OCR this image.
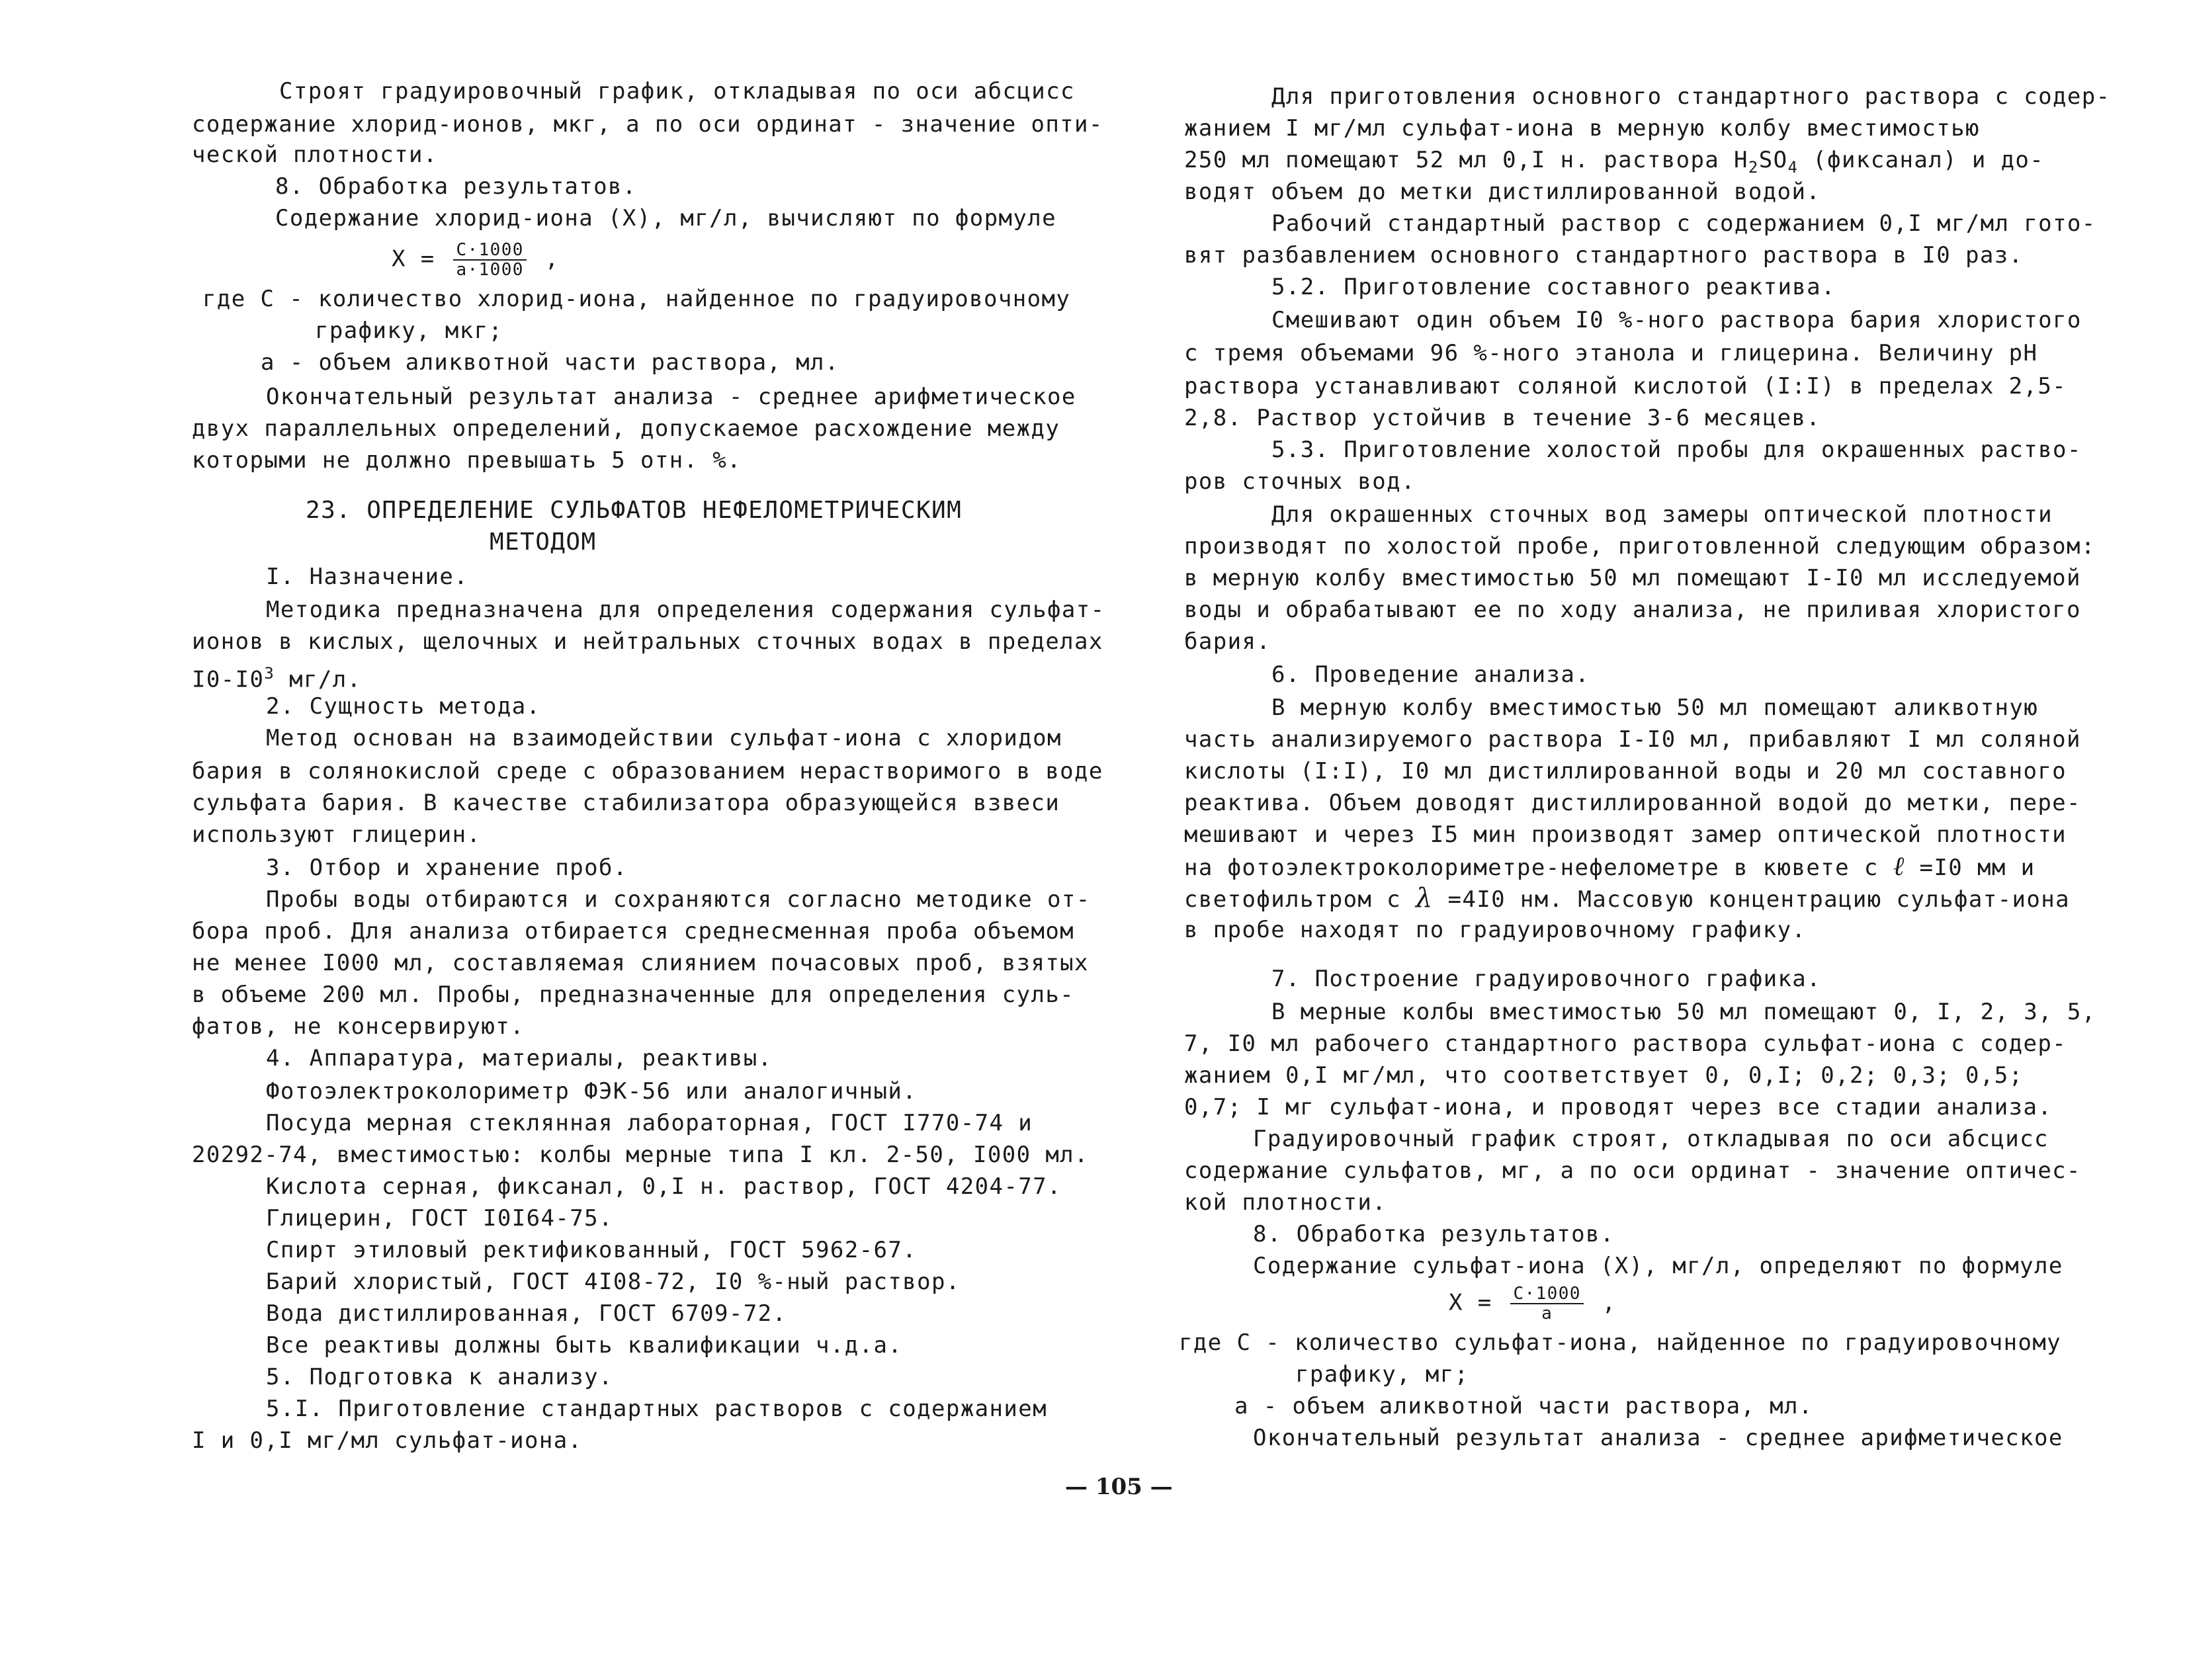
Строят градуировочный график, откладывая по оси абсцисс
содержание хлорид-ионов, мкг, а по оси ординат - значение опти-
ческой плотности.
8. Обработка результатов.
Содержание хлорид-иона (X), мг/л, вычисляют по формуле
$X = \frac{C\cdot 1000}{a\cdot 1000}$ ,
где C - количество хлорид-иона, найденное по градуировочному
графику, мкг;
a - объем аликвотной части раствора, мл.
Окончательный результат анализа - среднее арифметическое
двух параллельных определений, допускаемое расхождение между
которыми не должно превышать 5 отн. %.
23. ОПРЕДЕЛЕНИЕ СУЛЬФАТОВ НЕФЕЛОМЕТРИЧЕСКИМ
МЕТОДОМ
I. Назначение.
Методика предназначена для определения содержания сульфат-
ионов в кислых, щелочных и нейтральных сточных водах в пределах
$I0-I0^3$ мг/л.
2. Сущность метода.
Метод основан на взаимодействии сульфат-иона с хлоридом
бария в солянокислой среде с образованием нерастворимого в воде
сульфата бария. В качестве стабилизатора образующейся взвеси
используют глицерин.
3. Отбор и хранение проб.
Пробы воды отбираются и сохраняются согласно методике от-
бора проб. Для анализа отбирается среднесменная проба объемом
не менее I000 мл, составляемая слиянием почасовых проб, взятых
в объеме 200 мл. Пробы, предназначенные для определения суль-
фатов, не консервируют.
4. Аппаратура, материалы, реактивы.
Фотоэлектроколориметр ФЭК-56 или аналогичный.
Посуда мерная стеклянная лабораторная, ГОСТ I770-74 и
20292-74, вместимостью: колбы мерные типа I кл. 2-50, I000 мл.
Кислота серная, фиксанал, 0,I н. раствор, ГОСТ 4204-77.
Глицерин, ГОСТ I0I64-75.
Спирт этиловый ректификованный, ГОСТ 5962-67.
Барий хлористый, ГОСТ 4I08-72, I0 %-ный раствор.
Вода дистиллированная, ГОСТ 6709-72.
Все реактивы должны быть квалификации ч.д.а.
5. Подготовка к анализу.
5.I. Приготовление стандартных растворов с содержанием
I и 0,I мг/мл сульфат-иона.
Для приготовления основного стандартного раствора с содер-
жанием I мг/мл сульфат-иона в мерную колбу вместимостью
250 мл помещают 52 мл 0,I н. раствора $H_2SO_4$ (фиксанал) и до-
водят объем до метки дистиллированной водой.
Рабочий стандартный раствор с содержанием 0,I мг/мл гото-
вят разбавлением основного стандартного раствора в I0 раз.
5.2. Приготовление составного реактива.
Смешивают один объем I0 %-ного раствора бария хлористого
с тремя объемами 96 %-ного этанола и глицерина. Величину pH
раствора устанавливают соляной кислотой (I:I) в пределах 2,5-
2,8. Раствор устойчив в течение 3-6 месяцев.
5.3. Приготовление холостой пробы для окрашенных раство-
ров сточных вод.
Для окрашенных сточных вод замеры оптической плотности
производят по холостой пробе, приготовленной следующим образом:
в мерную колбу вместимостью 50 мл помещают I-I0 мл исследуемой
воды и обрабатывают ее по ходу анализа, не приливая хлористого
бария.
6. Проведение анализа.
В мерную колбу вместимостью 50 мл помещают аликвотную
часть анализируемого раствора I-I0 мл, прибавляют I мл соляной
кислоты (I:I), I0 мл дистиллированной воды и 20 мл составного
реактива. Объем доводят дистиллированной водой до метки, пере-
мешивают и через I5 мин производят замер оптической плотности
на фотоэлектроколориметре-нефелометре в кювете с ℓ =I0 мм и
светофильтром с λ =4I0 нм. Массовую концентрацию сульфат-иона
в пробе находят по градуировочному графику.
7. Построение градуировочного графика.
В мерные колбы вместимостью 50 мл помещают 0, I, 2, 3, 5,
7, I0 мл рабочего стандартного раствора сульфат-иона с содер-
жанием 0,I мг/мл, что соответствует 0, 0,I; 0,2; 0,3; 0,5;
0,7; I мг сульфат-иона, и проводят через все стадии анализа.
Градуировочный график строят, откладывая по оси абсцисс
содержание сульфатов, мг, а по оси ординат - значение оптичес-
кой плотности.
8. Обработка результатов.
Содержание сульфат-иона (X), мг/л, определяют по формуле
$X = \frac{C\cdot 1000}{a}$ ,
где C - количество сульфат-иона, найденное по градуировочному
графику, мг;
a - объем аликвотной части раствора, мл.
Окончательный результат анализа - среднее арифметическое
— 105 —
